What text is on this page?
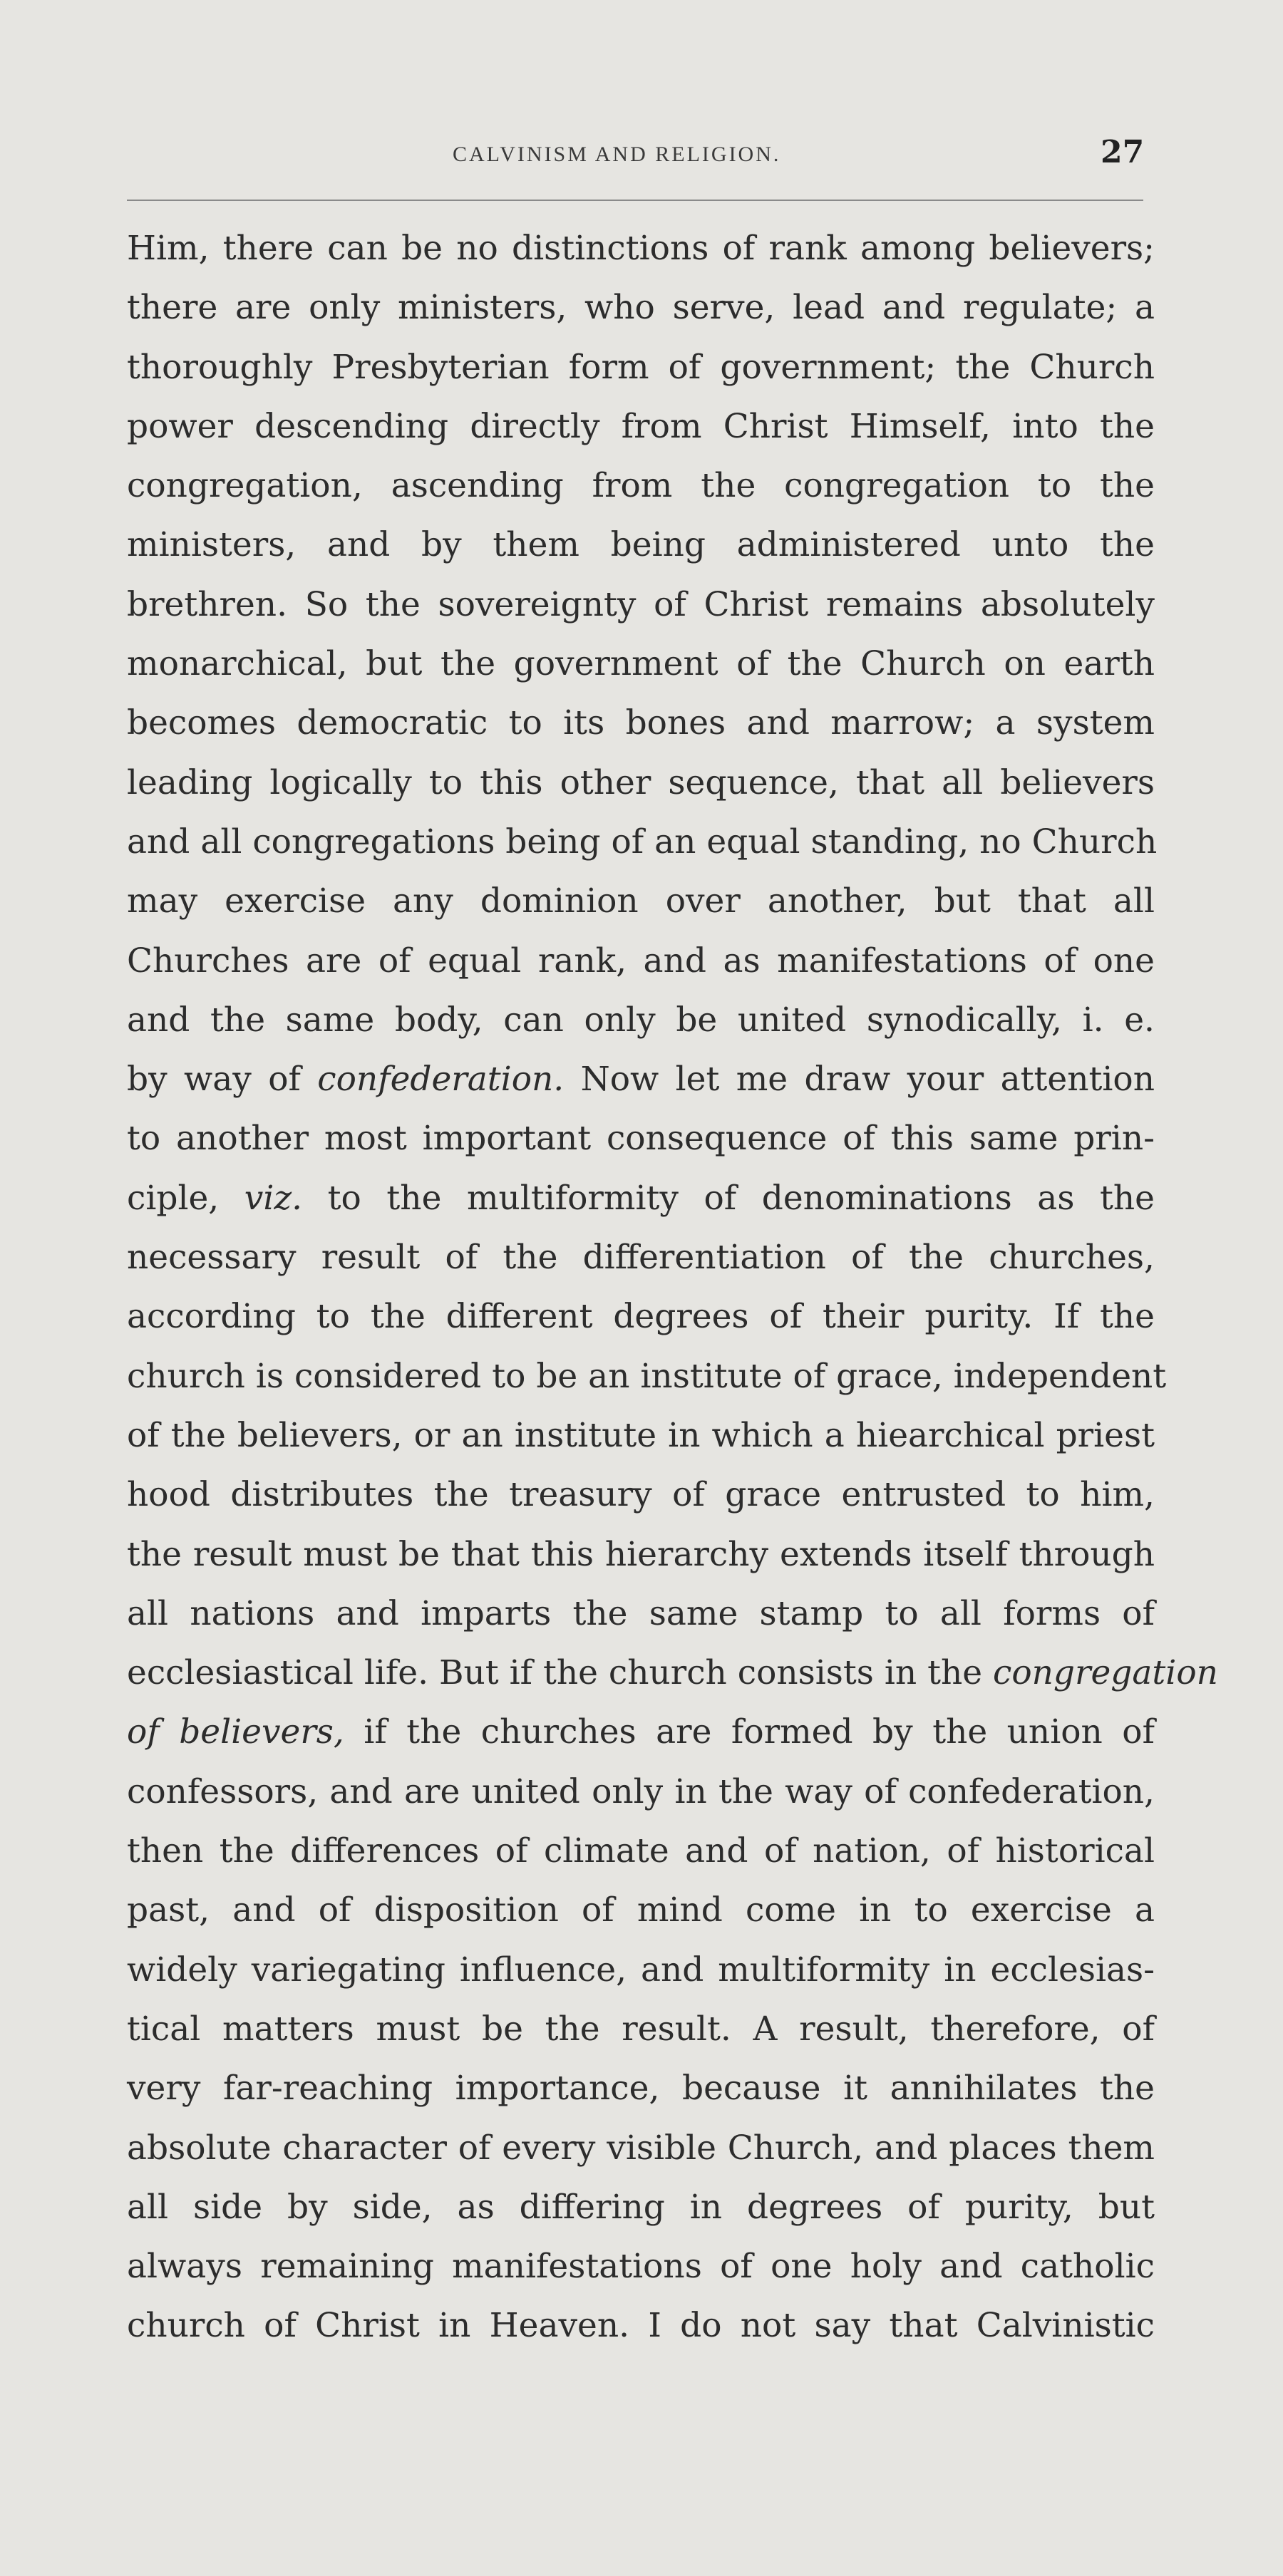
CALVINISM AND RELIGION.	27
Him, there can be no distinctions of rank among believers;
there are only ministers, who serve, lead and regulate; a
thoroughly Presbyterian form of government; the Church
power descending directly from Christ Himself, into the
congregation, ascending from the congregation to the
ministers, and by them being administered unto the
brethren. So the sovereignty of Christ remains absolutely
monarchical, but the government of the Church on earth
becomes democratic to its bones and marrow; a system
leading logically to this other sequence, that all believers
and all congregations being of an equal standing, no Church
may exercise any dominion over another, but that all
Churches are of equal rank, and as manifestations of one
and the same body, can only be united synodically, i. e.
by way of confederation. Now let me draw your attention
to another most important consequence of this same prin-
ciple, viz. to the multiformity of denominations as the
necessary result of the differentiation of the churches,
according to the different degrees of their purity. If the
church is considered to be an institute of grace, independent
of the believers, or an institute in which a hiearchical priest
hood distributes the treasury of grace entrusted to him,
the result must be that this hierarchy extends itself through
all nations and imparts the same stamp to all forms of
ecclesiastical life. But if the church consists in the congregation
of believers, if the churches are formed by the union of
confessors, and are united only in the way of confederation,
then the differences of climate and of nation, of historical
past, and of disposition of mind come in to exercise a
widely variegating influence, and multiformity in ecclesias-
tical matters must be the result. A result, therefore, of
very far-reaching importance, because it annihilates the
absolute character of every visible Church, and places them
all side by side, as differing in degrees of purity, but
always remaining manifestations of one holy and catholic
church of Christ in Heaven. I do not say that Calvinistic
